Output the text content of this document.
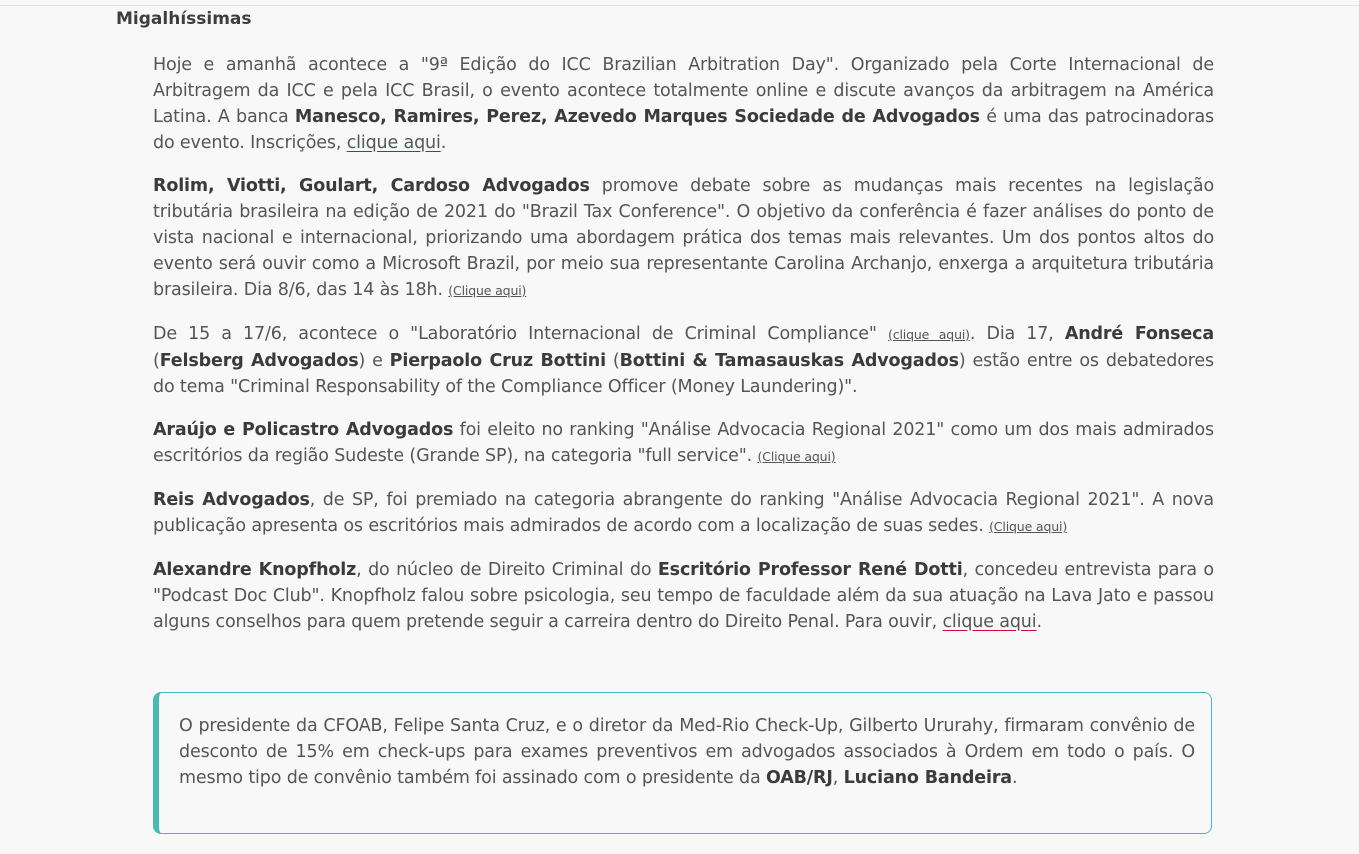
Migalhíssimas

Hoje e amanhã acontece a "9ª Edição do ICC Brazilian Arbitration Day". Organizado pela Corte Internacional de Arbitragem da ICC e pela ICC Brasil, o evento acontece totalmente online e discute avanços da arbitragem na América Latina. A banca Manesco, Ramires, Perez, Azevedo Marques Sociedade de Advogados é uma das patrocinadoras do evento. Inscrições, clique aqui.

Rolim, Viotti, Goulart, Cardoso Advogados promove debate sobre as mudanças mais recentes na legislação tributária brasileira na edição de 2021 do "Brazil Tax Conference". O objetivo da conferência é fazer análises do ponto de vista nacional e internacional, priorizando uma abordagem prática dos temas mais relevantes. Um dos pontos altos do evento será ouvir como a Microsoft Brazil, por meio sua representante Carolina Archanjo, enxerga a arquitetura tributária brasileira. Dia 8/6, das 14 às 18h. (Clique aqui)

De 15 a 17/6, acontece o "Laboratório Internacional de Criminal Compliance" (clique aqui). Dia 17, André Fonseca (Felsberg Advogados) e Pierpaolo Cruz Bottini (Bottini & Tamasauskas Advogados) estão entre os debatedores do tema "Criminal Responsability of the Compliance Officer (Money Laundering)".

Araújo e Policastro Advogados foi eleito no ranking "Análise Advocacia Regional 2021" como um dos mais admirados escritórios da região Sudeste (Grande SP), na categoria "full service". (Clique aqui)

Reis Advogados, de SP, foi premiado na categoria abrangente do ranking "Análise Advocacia Regional 2021". A nova publicação apresenta os escritórios mais admirados de acordo com a localização de suas sedes. (Clique aqui)

Alexandre Knopfholz, do núcleo de Direito Criminal do Escritório Professor René Dotti, concedeu entrevista para o "Podcast Doc Club". Knopfholz falou sobre psicologia, seu tempo de faculdade além da sua atuação na Lava Jato e passou alguns conselhos para quem pretende seguir a carreira dentro do Direito Penal. Para ouvir, clique aqui.

O presidente da CFOAB, Felipe Santa Cruz, e o diretor da Med-Rio Check-Up, Gilberto Ururahy, firmaram convênio de desconto de 15% em check-ups para exames preventivos em advogados associados à Ordem em todo o país. O mesmo tipo de convênio também foi assinado com o presidente da OAB/RJ, Luciano Bandeira.
